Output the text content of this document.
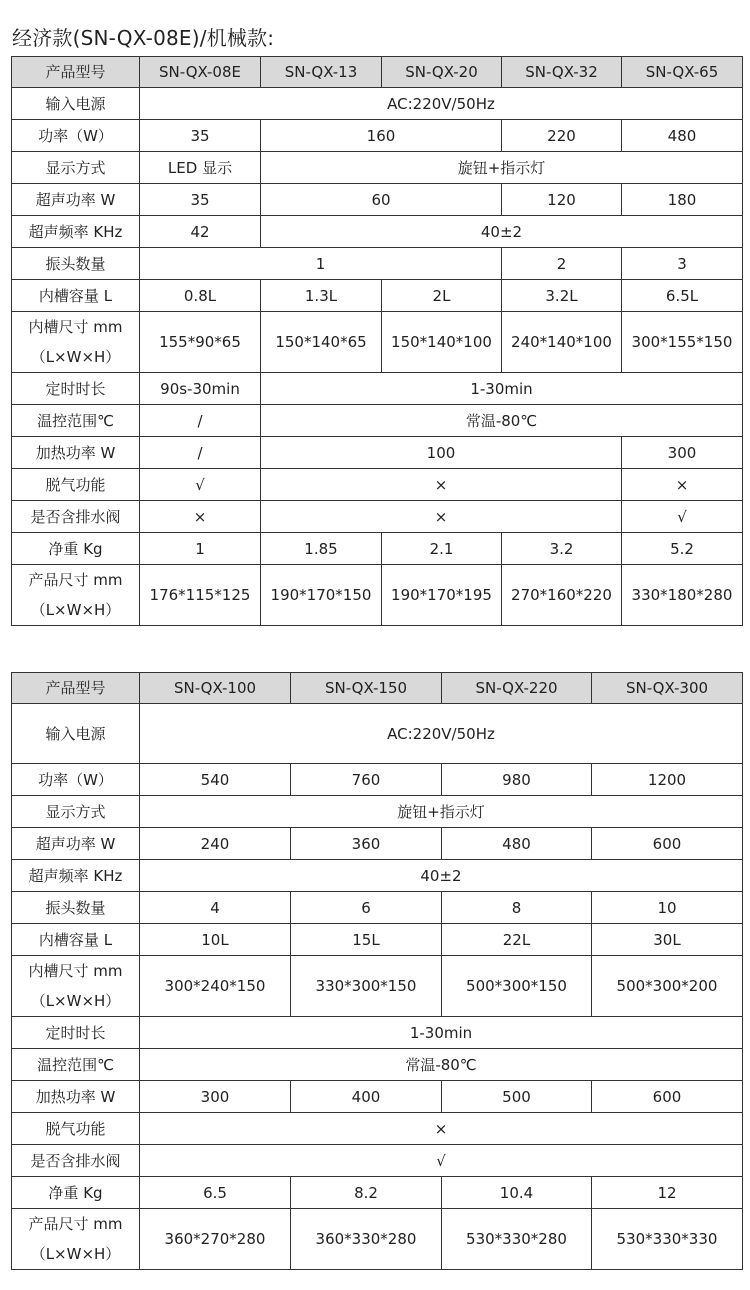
经济款(SN-QX-08E)/机械款:
产品型号	SN-QX-08E	SN-QX-13	SN-QX-20	SN-QX-32	SN-QX-65
输入电源	AC:220V/50Hz				
功率（W）	35	160		220	480
显示方式	LED 显示	旋钮+指示灯			
超声功率 W	35	60		120	180
超声频率 KHz	42	40±2			
振头数量	1			2	3
内槽容量 L	0.8L	1.3L	2L	3.2L	6.5L

内槽尺寸 mm
（L×W×H）	155*90*65	150*140*65	150*140*100	240*140*100	300*155*150
定时时长	90s-30min	1-30min			
温控范围℃	/	常温-80℃			
加热功率 W	/	100			300
脱气功能	√	×			×
是否含排水阀	×	×			√
净重 Kg	1	1.85	2.1	3.2	5.2

产品尺寸 mm
（L×W×H）	176*115*125	190*170*150	190*170*195	270*160*220	330*180*280
产品型号	SN-QX-100	SN-QX-150	SN-QX-220	SN-QX-300
输入电源	AC:220V/50Hz			
功率（W）	540	760	980	1200
显示方式	旋钮+指示灯			
超声功率 W	240	360	480	600
超声频率 KHz	40±2			
振头数量	4	6	8	10
内槽容量 L	10L	15L	22L	30L

内槽尺寸 mm
（L×W×H）	300*240*150	330*300*150	500*300*150	500*300*200
定时时长	1-30min			
温控范围℃	常温-80℃			
加热功率 W	300	400	500	600
脱气功能	×			
是否含排水阀	√			
净重 Kg	6.5	8.2	10.4	12

产品尺寸 mm
（L×W×H）	360*270*280	360*330*280	530*330*280	530*330*330
